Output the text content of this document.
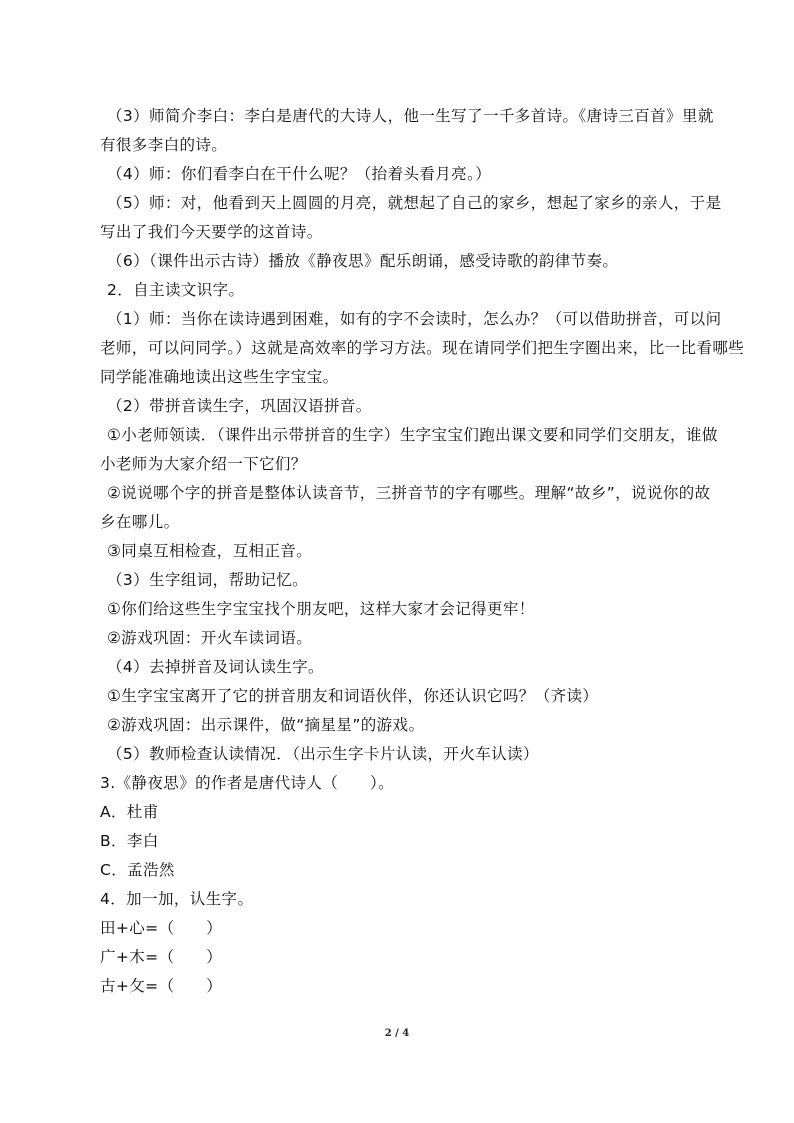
（3）师简介李白：李白是唐代的大诗人，他一生写了一千多首诗。《唐诗三百首》里就
有很多李白的诗。
（4）师：你们看李白在干什么呢？（抬着头看月亮。）
（5）师：对，他看到天上圆圆的月亮，就想起了自己的家乡，想起了家乡的亲人，于是
写出了我们今天要学的这首诗。
（6）（课件出示古诗）播放《静夜思》配乐朗诵，感受诗歌的韵律节奏。
2．自主读文识字。
（1）师：当你在读诗遇到困难，如有的字不会读时，怎么办？（可以借助拼音，可以问
老师，可以问同学。）这就是高效率的学习方法。现在请同学们把生字圈出来，比一比看哪些
同学能准确地读出这些生字宝宝。
（2）带拼音读生字，巩固汉语拼音。
①小老师领读．（课件出示带拼音的生字）生字宝宝们跑出课文要和同学们交朋友，谁做
小老师为大家介绍一下它们？
②说说哪个字的拼音是整体认读音节，三拼音节的字有哪些。理解“故乡”，说说你的故
乡在哪儿。
③同桌互相检查，互相正音。
（3）生字组词，帮助记忆。
①你们给这些生字宝宝找个朋友吧，这样大家才会记得更牢！
②游戏巩固：开火车读词语。
（4）去掉拼音及词认读生字。
①生字宝宝离开了它的拼音朋友和词语伙伴，你还认识它吗？（齐读）
②游戏巩固：出示课件，做“摘星星”的游戏。
（5）教师检查认读情况．（出示生字卡片认读，开火车认读）
3.《静夜思》的作者是唐代诗人（　　）。
A．杜甫
B．李白
C．孟浩然
4．加一加，认生字。
田+心=（　　）
广+木=（　　）
古+攵=（　　）
2 / 4
